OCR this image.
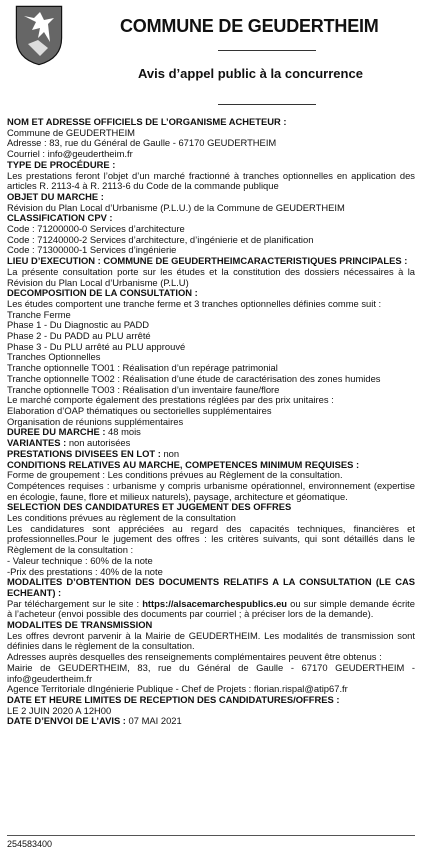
COMMUNE DE GEUDERTHEIM
Avis d’appel public à la concurrence

NOM ET ADRESSE OFFICIELS DE L’ORGANISME ACHETEUR :

Commune de GEUDERTHEIM

Adresse : 83, rue du Général de Gaulle - 67170 GEUDERTHEIM

Courriel : info@geudertheim.fr

TYPE DE PROCÉDURE :

Les prestations feront l’objet d’un marché fractionné à tranches optionnelles en application des articles R. 2113-4 à R. 2113-6 du Code de la commande publique

OBJET DU MARCHE :

Révision du Plan Local d’Urbanisme (P.L.U.) de la Commune de GEUDERTHEIM

CLASSIFICATION CPV :

Code : 71200000-0 Services d’architecture

Code : 71240000-2 Services d’architecture, d’ingénierie et de planification

Code : 71300000-1 Services d’ingénierie

LIEU D’EXECUTION : COMMUNE DE GEUDERTHEIMCARACTERISTIQUES PRINCIPALES :

La présente consultation porte sur les études et la constitution des dossiers nécessaires à la Révision du Plan Local d’Urbanisme (P.L.U)

DECOMPOSITION DE LA CONSULTATION :

Les études comportent une tranche ferme et 3 tranches optionnelles définies comme suit :

Tranche Ferme

Phase 1 - Du Diagnostic au PADD

Phase 2 - Du PADD au PLU arrêté

Phase 3 - Du PLU arrêté au PLU approuvé

Tranches Optionnelles

Tranche optionnelle TO01 : Réalisation d’un repérage patrimonial

Tranche optionnelle TO02 : Réalisation d’une étude de caractérisation des zones humides

Tranche optionnelle TO03 : Réalisation d’un inventaire faune/flore

Le marché comporte également des prestations réglées par des prix unitaires :

Elaboration d’OAP thématiques ou sectorielles supplémentaires

Organisation de réunions supplémentaires

DUREE DU MARCHE : 48 mois

VARIANTES : non autorisées

PRESTATIONS DIVISEES EN LOT : non

CONDITIONS RELATIVES AU MARCHE, COMPETENCES MINIMUM REQUISES :

Forme de groupement : Les conditions prévues au Règlement de la consultation.

Compétences requises : urbanisme y compris urbanisme opérationnel, environnement (expertise en écologie, faune, flore et milieux naturels), paysage, architecture et géomatique.

SELECTION DES CANDIDATURES ET JUGEMENT DES OFFRES

Les conditions prévues au règlement de la consultation

Les candidatures sont appréciées au regard des capacités techniques, financières et professionnelles.Pour le jugement des offres : les critères suivants, qui sont détaillés dans le Règlement de la consultation :

- Valeur technique : 60% de la note

-Prix des prestations : 40% de la note

MODALITES D’OBTENTION DES DOCUMENTS RELATIFS A LA CONSULTATION (LE CAS ECHEANT) :

Par téléchargement sur le site : https://alsacemarchespublics.eu ou sur simple demande écrite à l’acheteur (envoi possible des documents par courriel ; à préciser lors de la demande).

MODALITES DE TRANSMISSION

Les offres devront parvenir à la Mairie de GEUDERTHEIM. Les modalités de transmission sont définies dans le règlement de la consultation.

Adresses auprès desquelles des renseignements complémentaires peuvent être obtenus :

Mairie de GEUDERTHEIM, 83, rue du Général de Gaulle - 67170 GEUDERTHEIM - info@geudertheim.fr

Agence Territoriale dIngénierie Publique - Chef de Projets : florian.rispal@atip67.fr

DATE ET HEURE LIMITES DE RECEPTION DES CANDIDATURES/OFFRES :

LE 2 JUIN 2020 A 12H00

DATE D’ENVOI DE L’AVIS : 07 MAI 2021

254583400
